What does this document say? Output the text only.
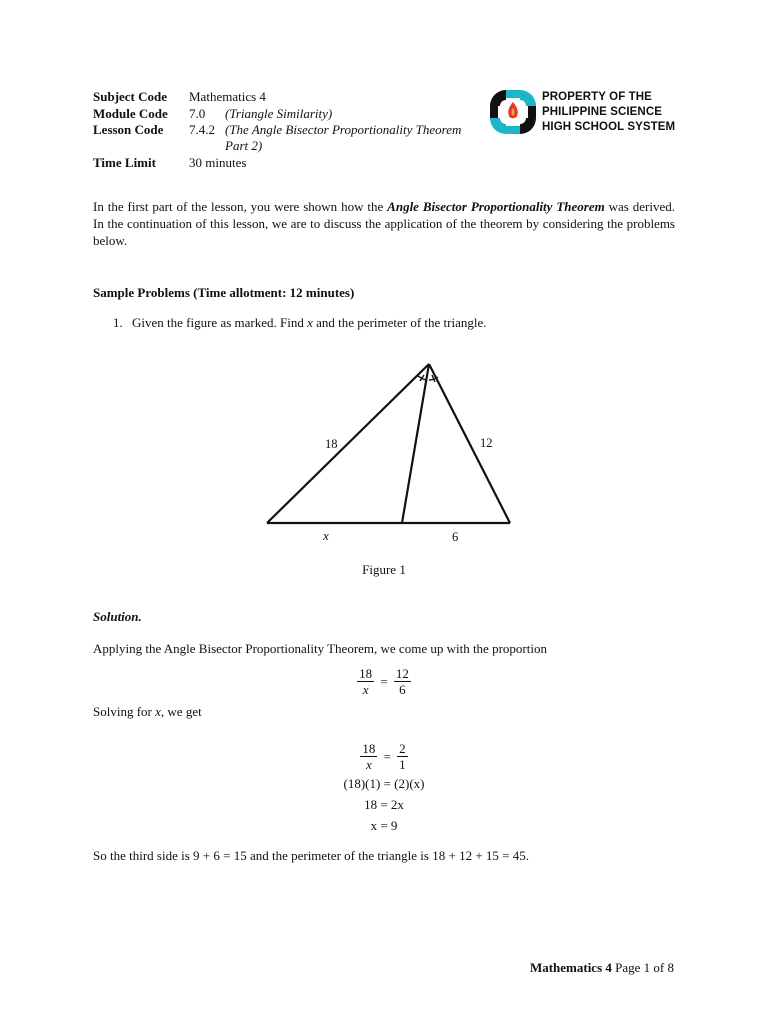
Subject Code Mathematics 4
Module Code 7.0 (Triangle Similarity)
Lesson Code 7.4.2 (The Angle Bisector Proportionality Theorem
Part 2)
Time Limit	30 minutes
PROPERTY OF THE
PHILIPPINE SCIENCE
HIGH SCHOOL SYSTEM
In the first part of the lesson, you were shown how the Angle Bisector Proportionality Theorem was derived. In the continuation of this lesson, we are to discuss the application of the theorem by considering the problems below.
Sample Problems (Time allotment: 12 minutes)
1. Given the figure as marked. Find x and the perimeter of the triangle.
18	12
x	6
Figure 1
Solution.
Applying the Angle Bisector Proportionality Theorem, we come up with the proportion
$\frac{18}{x} = \frac{12}{6}$
Solving for x, we get
$\frac{18}{x} = \frac{2}{1}$
(18)(1) = (2)(x)
18 = 2x
x = 9
So the third side is 9 + 6 = 15 and the perimeter of the triangle is 18 + 12 + 15 = 45.
Mathematics 4 Page 1 of 8
